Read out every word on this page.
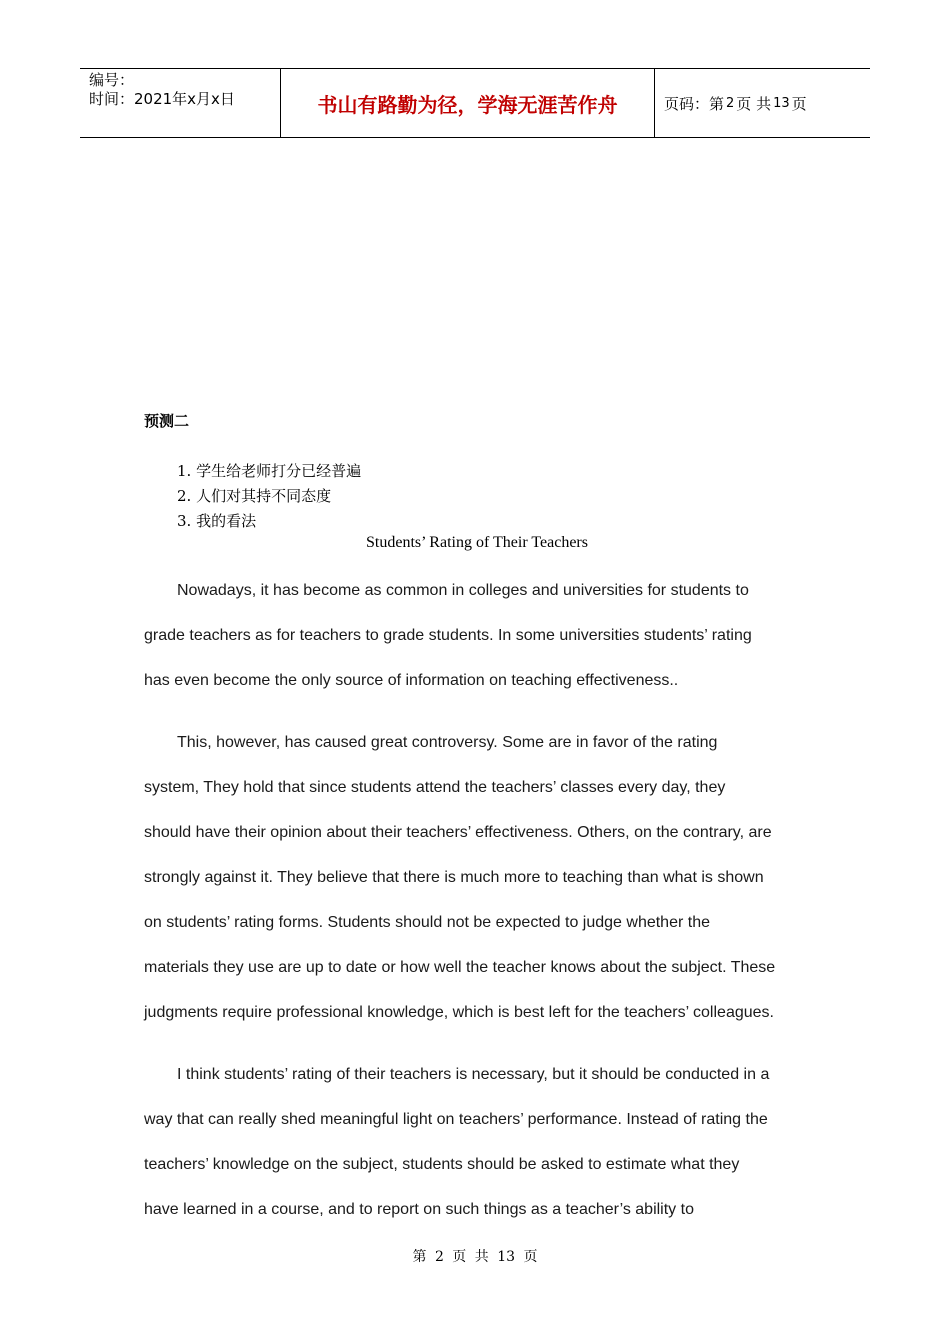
编号：
时间：2021年x月x日	书山有路勤为径，学海无涯苦作舟	页码：第 2 页 共 13 页
预测二
1. 学生给老师打分已经普遍
2. 人们对其持不同态度
3. 我的看法
Students’ Rating of Their Teachers

Nowadays, it has become as common in colleges and universities for students to
grade teachers as for teachers to grade students. In some universities students’ rating
has even become the only source of information on teaching effectiveness..

This, however, has caused great controversy. Some are in favor of the rating
system, They hold that since students attend the teachers’ classes every day, they
should have their opinion about their teachers’ effectiveness. Others, on the contrary, are
strongly against it. They believe that there is much more to teaching than what is shown
on students’ rating forms. Students should not be expected to judge whether the
materials they use are up to date or how well the teacher knows about the subject. These
judgments require professional knowledge, which is best left for the teachers’ colleagues.

I think students’ rating of their teachers is necessary, but it should be conducted in a
way that can really shed meaningful light on teachers’ performance. Instead of rating the
teachers’ knowledge on the subject, students should be asked to estimate what they
have learned in a course, and to report on such things as a teacher’s ability to

第 2 页 共 13 页
